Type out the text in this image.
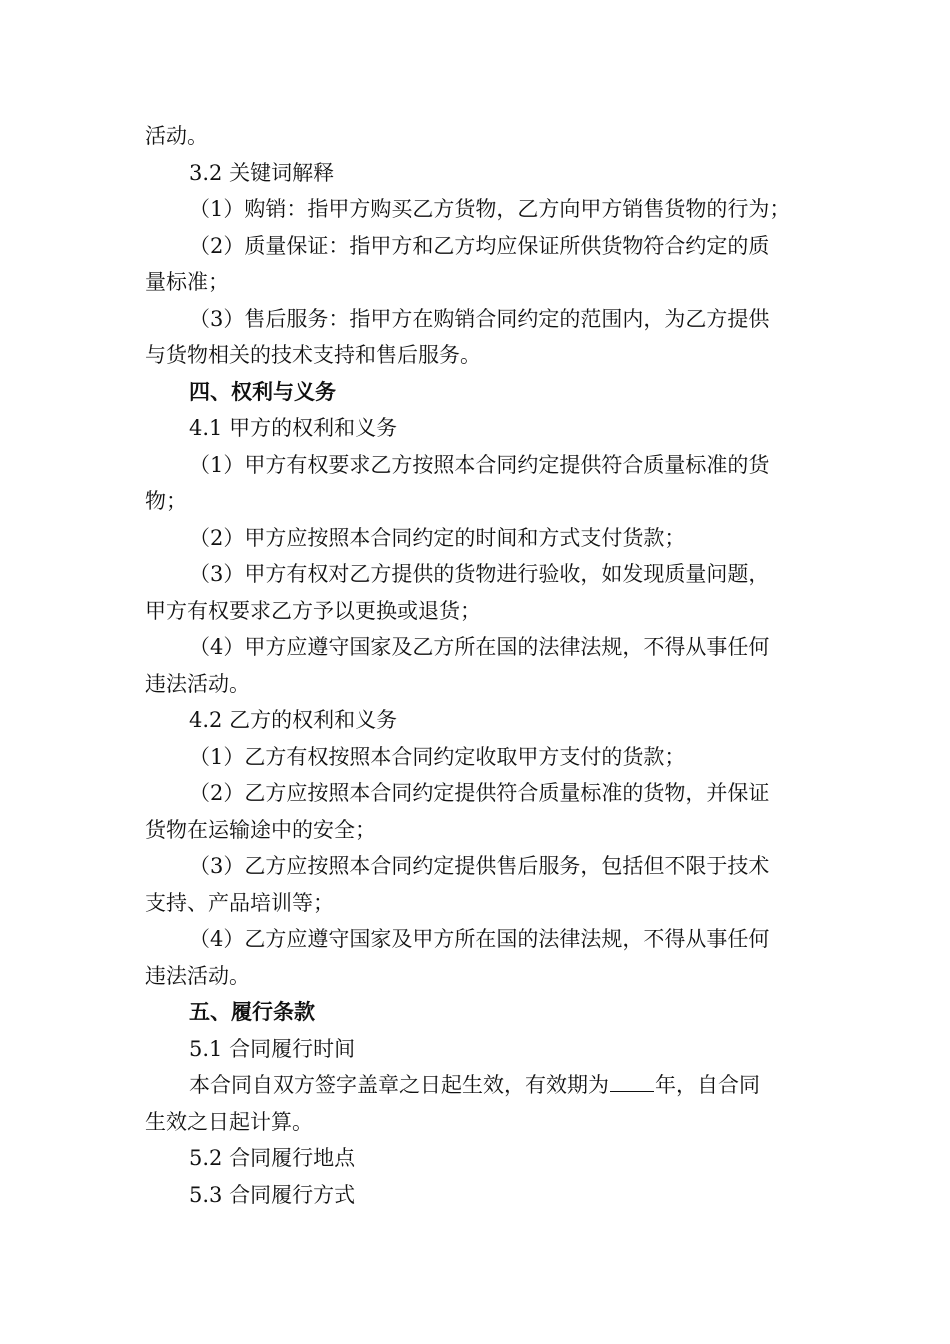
活动。
3.2 关键词解释
（1）购销：指甲方购买乙方货物，乙方向甲方销售货物的行为；
（2）质量保证：指甲方和乙方均应保证所供货物符合约定的质
量标准；
（3）售后服务：指甲方在购销合同约定的范围内，为乙方提供
与货物相关的技术支持和售后服务。
四、权利与义务
4.1 甲方的权利和义务
（1）甲方有权要求乙方按照本合同约定提供符合质量标准的货
物；
（2）甲方应按照本合同约定的时间和方式支付货款；
（3）甲方有权对乙方提供的货物进行验收，如发现质量问题，
甲方有权要求乙方予以更换或退货；
（4）甲方应遵守国家及乙方所在国的法律法规，不得从事任何
违法活动。
4.2 乙方的权利和义务
（1）乙方有权按照本合同约定收取甲方支付的货款；
（2）乙方应按照本合同约定提供符合质量标准的货物，并保证
货物在运输途中的安全；
（3）乙方应按照本合同约定提供售后服务，包括但不限于技术
支持、产品培训等；
（4）乙方应遵守国家及甲方所在国的法律法规，不得从事任何
违法活动。
五、履行条款
5.1 合同履行时间
本合同自双方签字盖章之日起生效，有效期为 年，自合同
生效之日起计算。
5.2 合同履行地点
5.3 合同履行方式
